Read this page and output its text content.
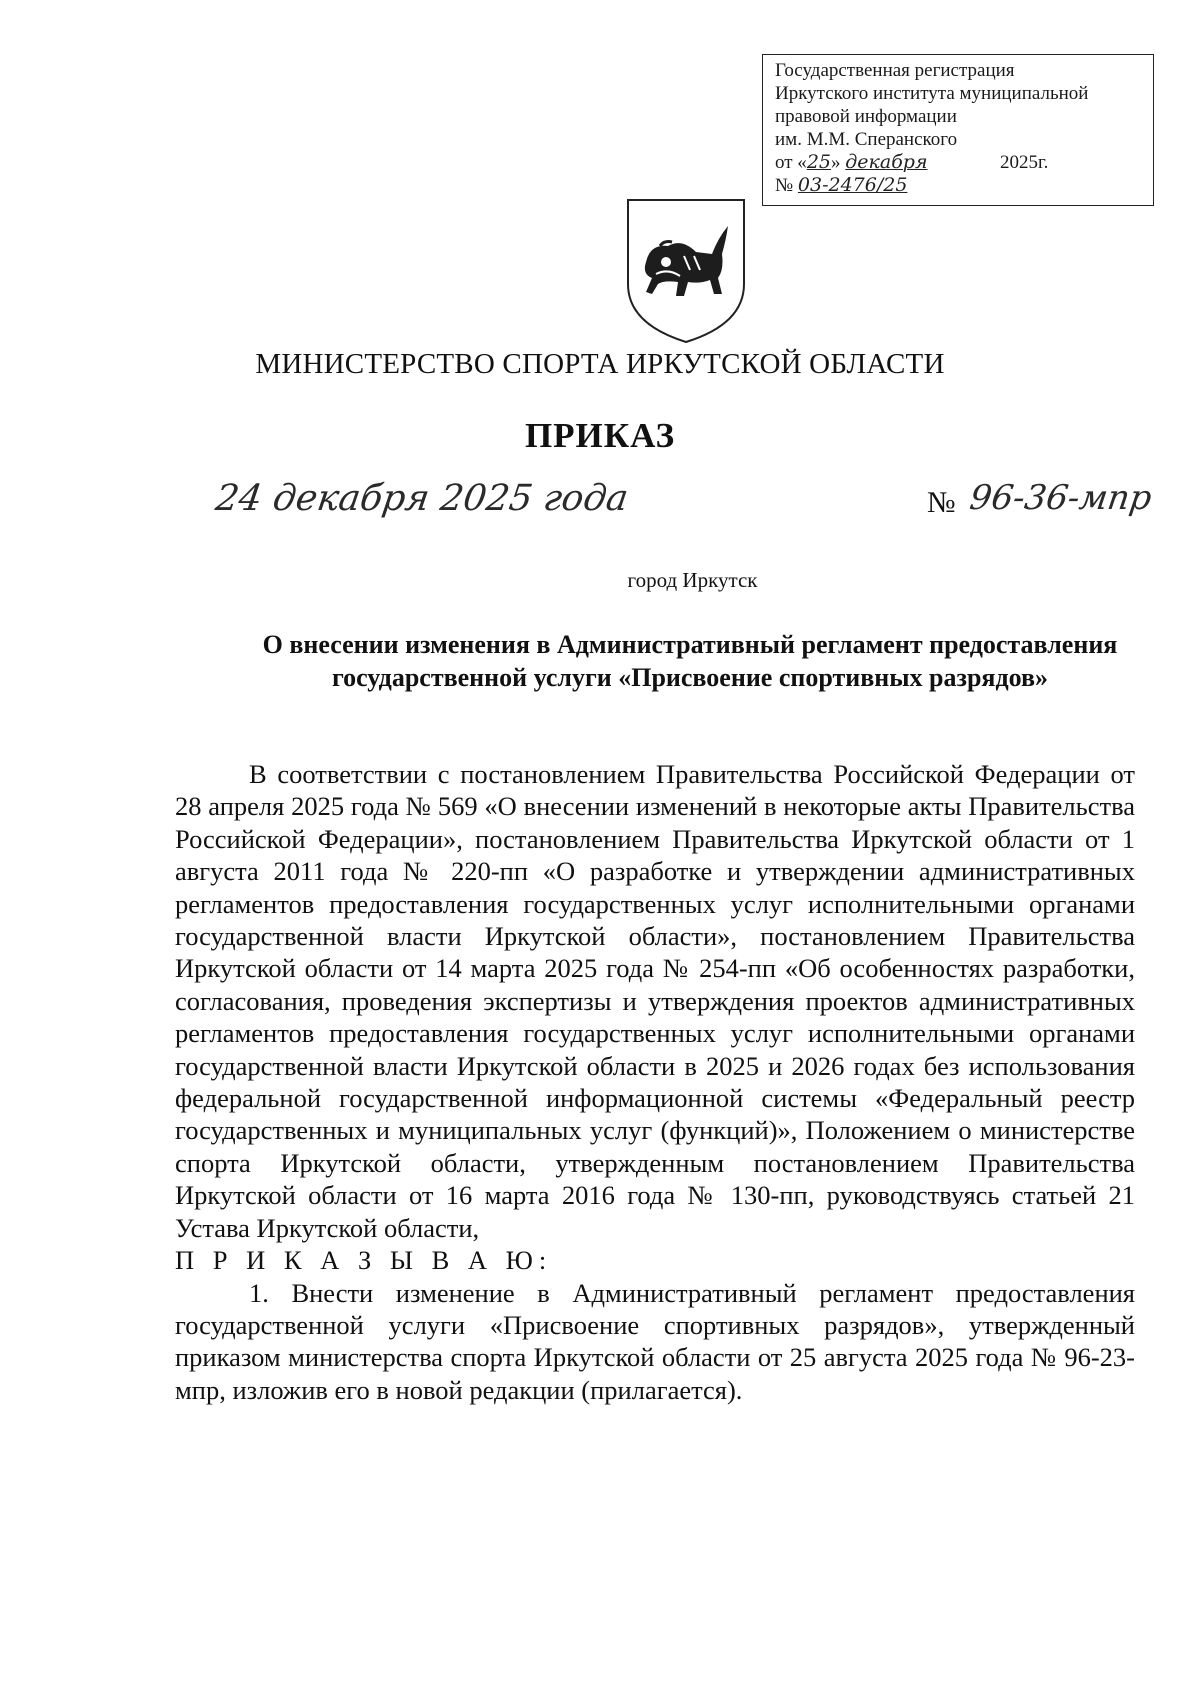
Государственная регистрация
Иркутского института муниципальной
правовой информации
им. М.М. Сперанского
от «25» декабря	2025г.
№ 03-2476/25
МИНИСТЕРСТВО СПОРТА ИРКУТСКОЙ ОБЛАСТИ
ПРИКАЗ
24 декабря 2025 года	№ 96-36-мпр
город Иркутск
О внесении изменения в Административный регламент предоставления государственной услуги «Присвоение спортивных разрядов»

В соответствии с постановлением Правительства Российской Федерации от 28 апреля 2025 года № 569 «О внесении изменений в некоторые акты Правительства Российской Федерации», постановлением Правительства Иркутской области от 1 августа 2011 года № 220-пп «О разработке и утверждении административных регламентов предоставления государственных услуг исполнительными органами государственной власти Иркутской области», постановлением Правительства Иркутской области от 14 марта 2025 года № 254-пп «Об особенностях разработки, согласования, проведения экспертизы и утверждения проектов административных регламентов предоставления государственных услуг исполнительными органами государственной власти Иркутской области в 2025 и 2026 годах без использования федеральной государственной информационной системы «Федеральный реестр государственных и муниципальных услуг (функций)», Положением о министерстве спорта Иркутской области, утвержденным постановлением Правительства Иркутской области от 16 марта 2016 года № 130-пп, руководствуясь статьей 21 Устава Иркутской области,

П Р И К А З Ы В А Ю:

1. Внести изменение в Административный регламент предоставления государственной услуги «Присвоение спортивных разрядов», утвержденный приказом министерства спорта Иркутской области от 25 августа 2025 года № 96-23-мпр, изложив его в новой редакции (прилагается).
